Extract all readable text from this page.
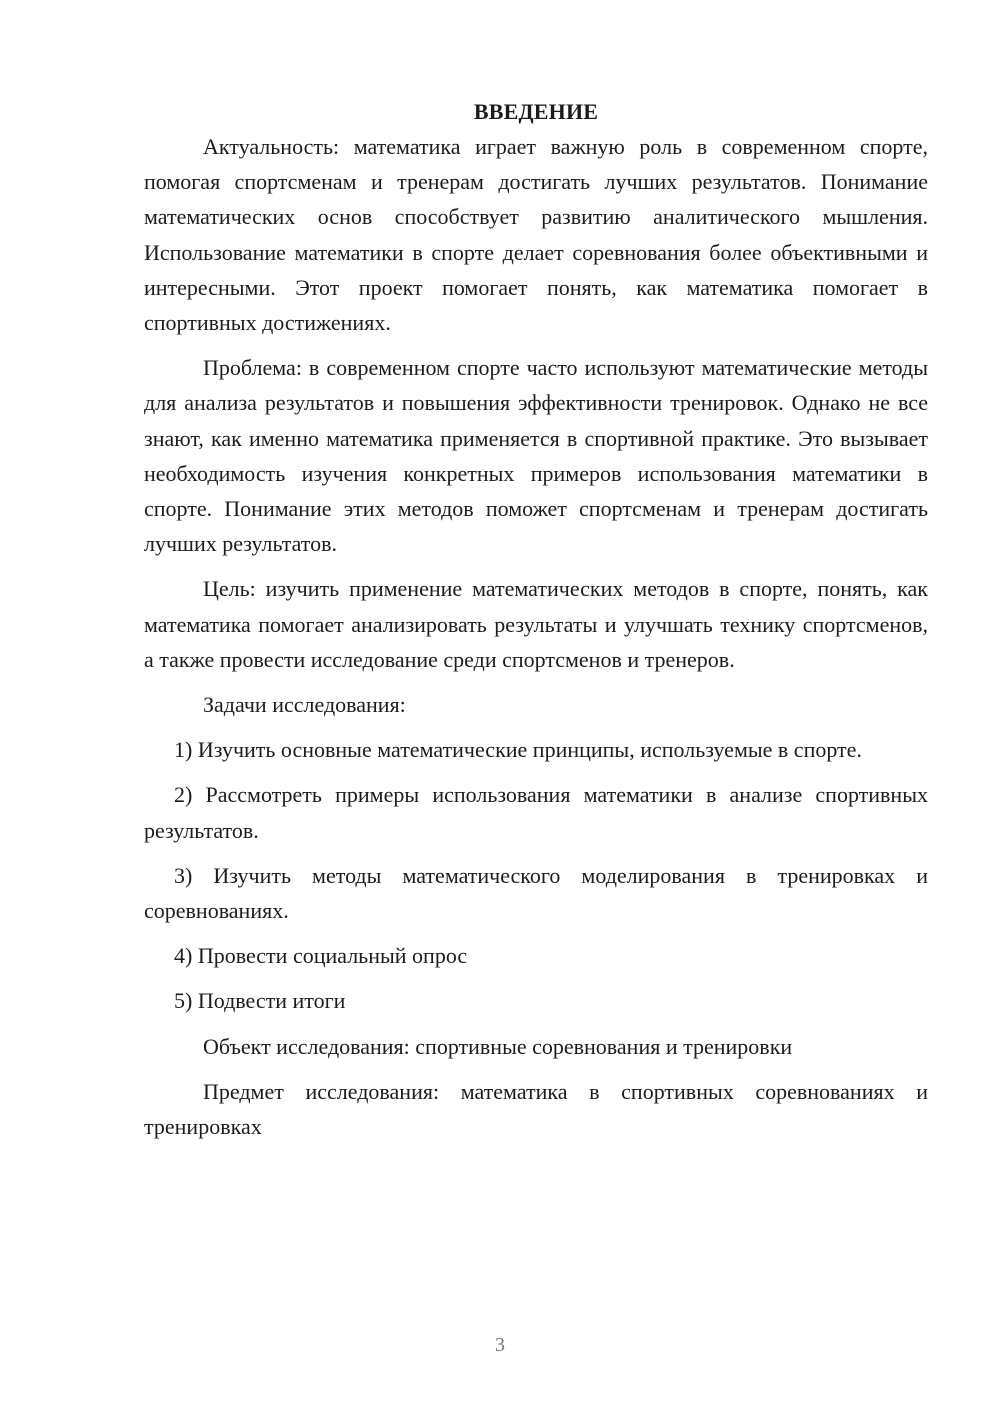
ВВЕДЕНИЕ

Актуальность: математика играет важную роль в современном спорте, помогая спортсменам и тренерам достигать лучших результатов. Понимание математических основ способствует развитию аналитического мышления. Использование математики в спорте делает соревнования более объективными и интересными. Этот проект помогает понять, как математика помогает в спортивных достижениях.

Проблема: в современном спорте часто используют математические методы для анализа результатов и повышения эффективности тренировок. Однако не все знают, как именно математика применяется в спортивной практике. Это вызывает необходимость изучения конкретных примеров использования математики в спорте. Понимание этих методов поможет спортсменам и тренерам достигать лучших результатов.

Цель: изучить применение математических методов в спорте, понять, как математика помогает анализировать результаты и улучшать технику спортсменов, а также провести исследование среди спортсменов и тренеров.

Задачи исследования:

1) Изучить основные математические принципы, используемые в спорте.

2) Рассмотреть примеры использования математики в анализе спортивных результатов.

3) Изучить методы математического моделирования в тренировках и соревнованиях.

4) Провести социальный опрос

5) Подвести итоги

Объект исследования: спортивные соревнования и тренировки

Предмет исследования: математика в спортивных соревнованиях и тренировках

3
